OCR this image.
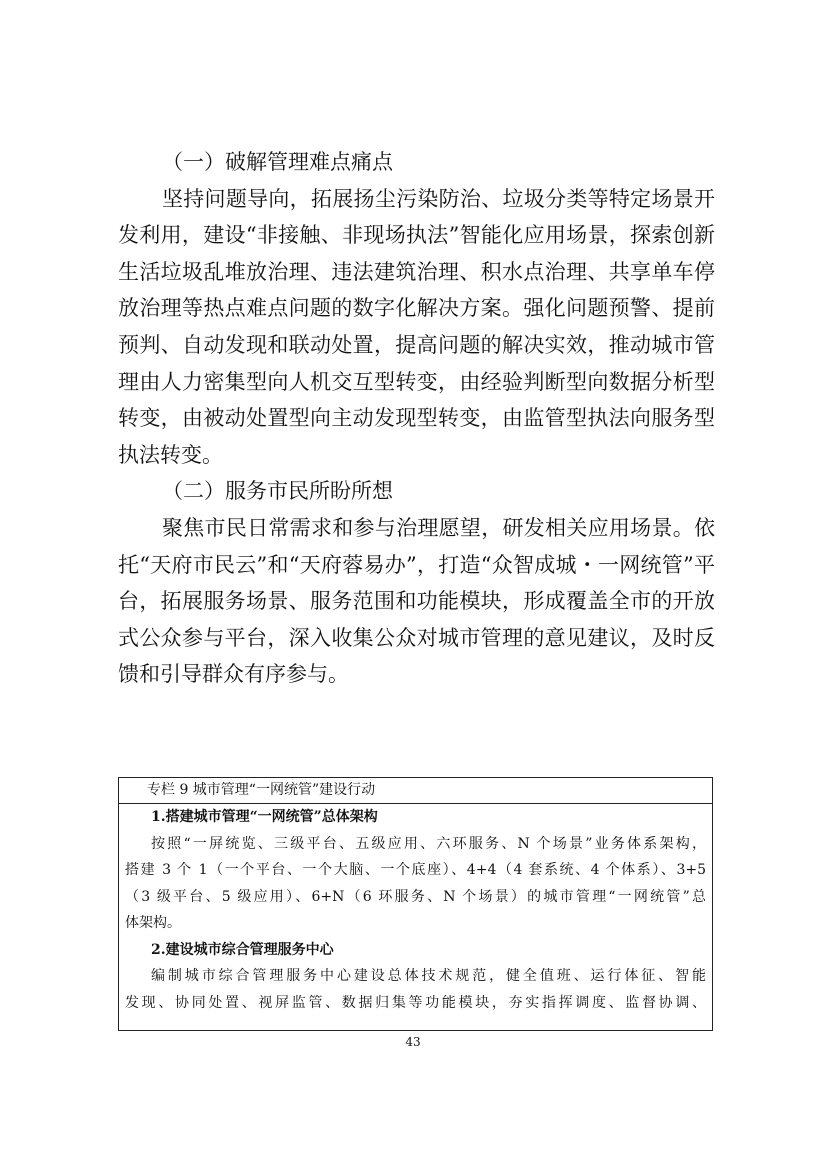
（一）破解管理难点痛点
坚持问题导向，拓展扬尘污染防治、垃圾分类等特定场景开
发利用，建设“非接触、非现场执法”智能化应用场景，探索创新
生活垃圾乱堆放治理、违法建筑治理、积水点治理、共享单车停
放治理等热点难点问题的数字化解决方案。强化问题预警、提前
预判、自动发现和联动处置，提高问题的解决实效，推动城市管
理由人力密集型向人机交互型转变，由经验判断型向数据分析型
转变，由被动处置型向主动发现型转变，由监管型执法向服务型
执法转变。
（二）服务市民所盼所想
聚焦市民日常需求和参与治理愿望，研发相关应用场景。依
托“天府市民云”和“天府蓉易办”，打造“众智成城・一网统管”平
台，拓展服务场景、服务范围和功能模块，形成覆盖全市的开放
式公众参与平台，深入收集公众对城市管理的意见建议，及时反
馈和引导群众有序参与。
专栏 9 城市管理“一网统管”建设行动
1.搭建城市管理“一网统管”总体架构
按照“一屏统览、三级平台、五级应用、六环服务、N 个场景”业务体系架构，
搭建 3 个 1（一个平台、一个大脑、一个底座）、4+4（4 套系统、4 个体系）、3+5
（3 级平台、5 级应用）、6+N（6 环服务、N 个场景）的城市管理“一网统管”总
体架构。
2.建设城市综合管理服务中心
编制城市综合管理服务中心建设总体技术规范，健全值班、运行体征、智能
发现、协同处置、视屏监管、数据归集等功能模块，夯实指挥调度、监督协调、
43
